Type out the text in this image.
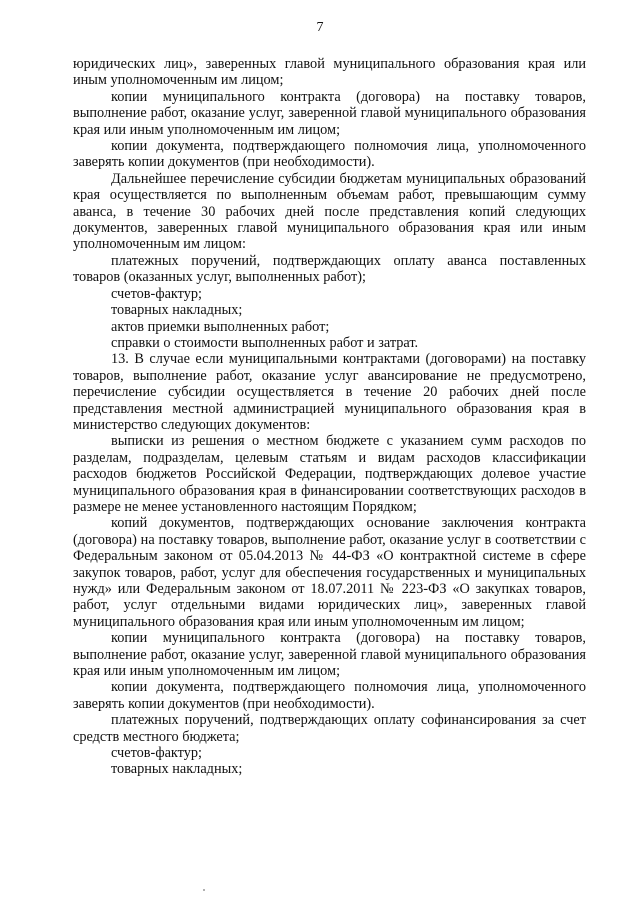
7

юридических лиц», заверенных главой муниципального образования края или иным уполномоченным им лицом;

копии муниципального контракта (договора) на поставку товаров, выполнение работ, оказание услуг, заверенной главой муниципального образования края или иным уполномоченным им лицом;

копии документа, подтверждающего полномочия лица, уполномоченного заверять копии документов (при необходимости).

Дальнейшее перечисление субсидии бюджетам муниципальных образований края осуществляется по выполненным объемам работ, превышающим сумму аванса, в течение 30 рабочих дней после представления копий следующих документов, заверенных главой муниципального образования края или иным уполномоченным им лицом:

платежных поручений, подтверждающих оплату аванса поставленных товаров (оказанных услуг, выполненных работ);

счетов-фактур;

товарных накладных;

актов приемки выполненных работ;

справки о стоимости выполненных работ и затрат.

13. В случае если муниципальными контрактами (договорами) на поставку товаров, выполнение работ, оказание услуг авансирование не предусмотрено, перечисление субсидии осуществляется в течение 20 рабочих дней после представления местной администрацией муниципального образования края в министерство следующих документов:

выписки из решения о местном бюджете с указанием сумм расходов по разделам, подразделам, целевым статьям и видам расходов классификации расходов бюджетов Российской Федерации, подтверждающих долевое участие муниципального образования края в финансировании соответствующих расходов в размере не менее установленного настоящим Порядком;

копий документов, подтверждающих основание заключения контракта (договора) на поставку товаров, выполнение работ, оказание услуг в соответствии с Федеральным законом от 05.04.2013 № 44-ФЗ «О контрактной системе в сфере закупок товаров, работ, услуг для обеспечения государственных и муниципальных нужд» или Федеральным законом от 18.07.2011 № 223-ФЗ «О закупках товаров, работ, услуг отдельными видами юридических лиц», заверенных главой муниципального образования края или иным уполномоченным им лицом;

копии муниципального контракта (договора) на поставку товаров, выполнение работ, оказание услуг, заверенной главой муниципального образования края или иным уполномоченным им лицом;

копии документа, подтверждающего полномочия лица, уполномоченного заверять копии документов (при необходимости).

платежных поручений, подтверждающих оплату софинансирования за счет средств местного бюджета;

счетов-фактур;

товарных накладных;
